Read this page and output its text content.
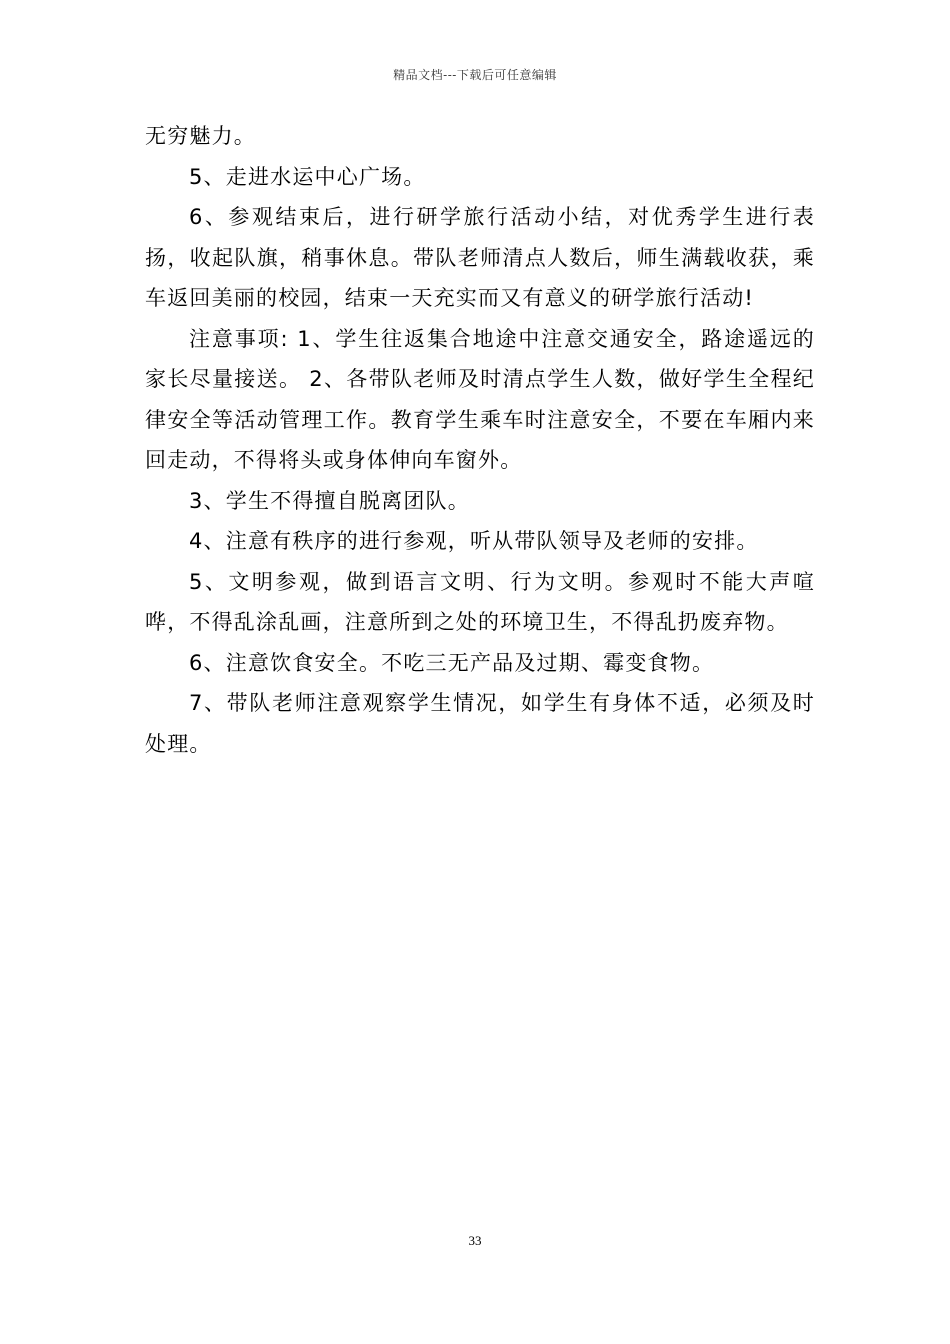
精品文档---下载后可任意编辑

无穷魅力。

5、走进水运中心广场。

6、参观结束后，进行研学旅行活动小结，对优秀学生进行表扬，收起队旗，稍事休息。带队老师清点人数后，师生满载收获，乘车返回美丽的校园，结束一天充实而又有意义的研学旅行活动!

注意事项: 1、学生往返集合地途中注意交通安全，路途遥远的家长尽量接送。 2、各带队老师及时清点学生人数，做好学生全程纪律安全等活动管理工作。教育学生乘车时注意安全，不要在车厢内来回走动，不得将头或身体伸向车窗外。

3、学生不得擅自脱离团队。

4、注意有秩序的进行参观，听从带队领导及老师的安排。

5、文明参观，做到语言文明、行为文明。参观时不能大声喧哗，不得乱涂乱画，注意所到之处的环境卫生，不得乱扔废弃物。

6、注意饮食安全。不吃三无产品及过期、霉变食物。

7、带队老师注意观察学生情况，如学生有身体不适，必须及时处理。

33
